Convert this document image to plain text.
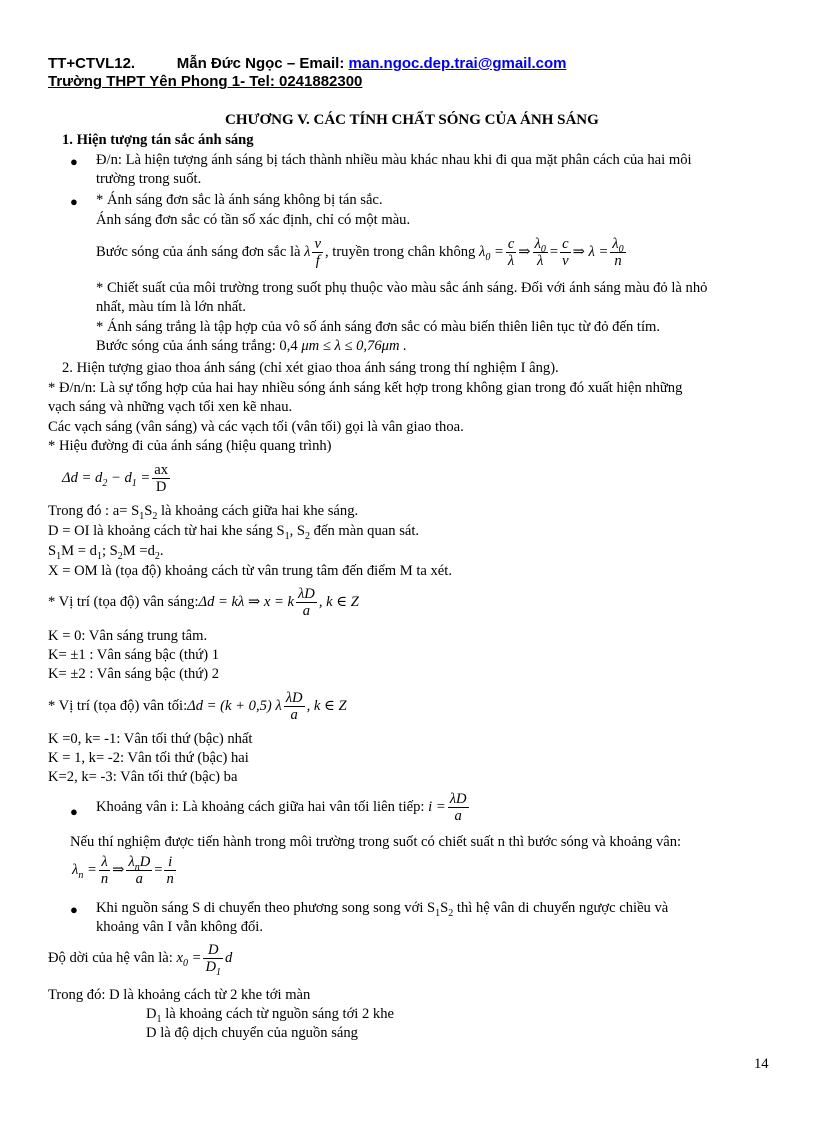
TT+CTVL12.          Mẫn Đức Ngọc – Email: man.ngoc.dep.trai@gmail.com
Trường THPT Yên Phong 1- Tel: 0241882300
CHƯƠNG V. CÁC TÍNH CHẤT SÓNG CỦA ÁNH SÁNG
1. Hiện tượng tán sắc ánh sáng
● Đ/n: Là hiện tượng ánh sáng bị tách thành nhiều màu khác nhau khi đi qua mặt phân cách của hai môi
trường trong suốt.
● * Ánh sáng đơn sắc là ánh sáng không bị tán sắc.
Ánh sáng đơn sắc có tần số xác định, chỉ có một màu.
Bước sóng của ánh sáng đơn sắc là λ $\frac{v}{f}$ , truyền trong chân không $\lambda_0 = \frac{c}{\lambda}$ ⇒ $\frac{\lambda_0}{\lambda} = \frac{c}{v}$ ⇒ $\lambda = \frac{\lambda_0}{n}$
* Chiết suất của môi trường trong suốt phụ thuộc vào màu sắc ánh sáng. Đối với ánh sáng màu đỏ là nhỏ
nhất, màu tím là lớn nhất.
* Ánh sáng trắng là tập hợp của vô số ánh sáng đơn sắc có màu biến thiên liên tục từ đỏ đến tím.
Bước sóng của ánh sáng trắng: 0,4 μm ≤ λ ≤ 0,76μm .
2. Hiện tượng giao thoa ánh sáng (chỉ xét giao thoa ánh sáng trong thí nghiệm I âng).
* Đ/n/n: Là sự tổng hợp của hai hay nhiều sóng ánh sáng kết hợp trong không gian trong đó xuất hiện những
vạch sáng và những vạch tối xen kẽ nhau.
Các vạch sáng (vân sáng) và các vạch tối (vân tối) gọi là vân giao thoa.
* Hiệu đường đi của ánh sáng (hiệu quang trình)
$\Delta d = d_2 - d_1 = \frac{ax}{D}$
Trong đó : $a= S_1S_2$ là khoảng cách giữa hai khe sáng.
D = OI là khoảng cách từ hai khe sáng $S_1$, $S_2$ đến màn quan sát.
$S_1M = d_1$; $S_2M =d_2$.
X = OM là (tọa độ) khoảng cách từ vân trung tâm đến điểm M ta xét.
* Vị trí (tọa độ) vân sáng:Δd = kλ ⇒ x = k $\frac{\lambda D}{a}$ , k ∈ Z
K = 0: Vân sáng trung tâm.
K= ±1 : Vân sáng bậc (thứ) 1
K= ±2 : Vân sáng bậc (thứ) 2
* Vị trí (tọa độ) vân tối:Δd = (k + 0,5) λ $\frac{\lambda D}{a}$ , k ∈ Z
K =0, k= -1: Vân tối thứ (bậc) nhất
K = 1, k= -2: Vân tối thứ (bậc) hai
K=2, k= -3: Vân tối thứ (bậc) ba
● Khoảng vân i: Là khoảng cách giữa hai vân tối liên tiếp: $i = \frac{\lambda D}{a}$
Nếu thí nghiệm được tiến hành trong môi trường trong suốt có chiết suất n thì bước sóng và khoảng vân:
$\lambda_n = \frac{\lambda}{n}$ ⇒ $\frac{\lambda_nD}{a} = \frac{i}{n}$
● Khi nguồn sáng S di chuyển theo phương song song với $S_1S_2$ thì hệ vân di chuyển ngược chiều và
khoảng vân I vẫn không đổi.
Độ dời của hệ vân là: $x_0 = \frac{D}{D_1}$ d
Trong đó: D là khoảng cách từ 2 khe tới màn
$D_1$ là khoảng cách từ nguồn sáng tới 2 khe
D là độ dịch chuyển của nguồn sáng
14
